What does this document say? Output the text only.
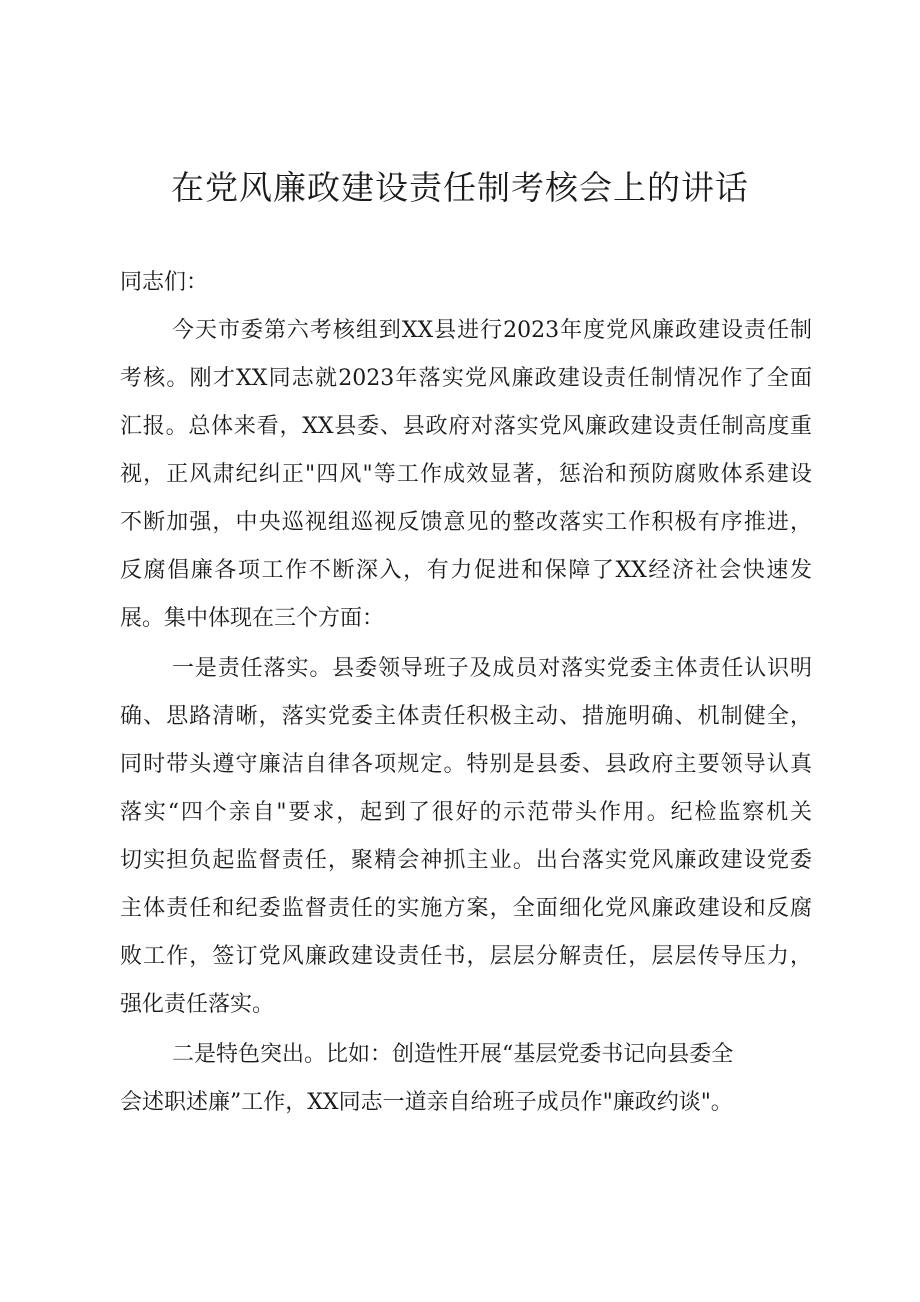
在党风廉政建设责任制考核会上的讲话
同志们：
今天市委第六考核组到XX县进行2023年度党风廉政建设责任制
考核。刚才XX同志就2023年落实党风廉政建设责任制情况作了全面
汇报。总体来看，XX县委、县政府对落实党风廉政建设责任制高度重
视，正风肃纪纠正"四风"等工作成效显著，惩治和预防腐败体系建设
不断加强，中央巡视组巡视反馈意见的整改落实工作积极有序推进，
反腐倡廉各项工作不断深入，有力促进和保障了XX经济社会快速发
展。集中体现在三个方面：
一是责任落实。县委领导班子及成员对落实党委主体责任认识明
确、思路清晰，落实党委主体责任积极主动、措施明确、机制健全，
同时带头遵守廉洁自律各项规定。特别是县委、县政府主要领导认真
落实“四个亲自"要求，起到了很好的示范带头作用。纪检监察机关
切实担负起监督责任，聚精会神抓主业。出台落实党风廉政建设党委
主体责任和纪委监督责任的实施方案，全面细化党风廉政建设和反腐
败工作，签订党风廉政建设责任书，层层分解责任，层层传导压力，
强化责任落实。
二是特色突出。比如：创造性开展“基层党委书记向县委全
会述职述廉”工作，XX同志一道亲自给班子成员作"廉政约谈"。
